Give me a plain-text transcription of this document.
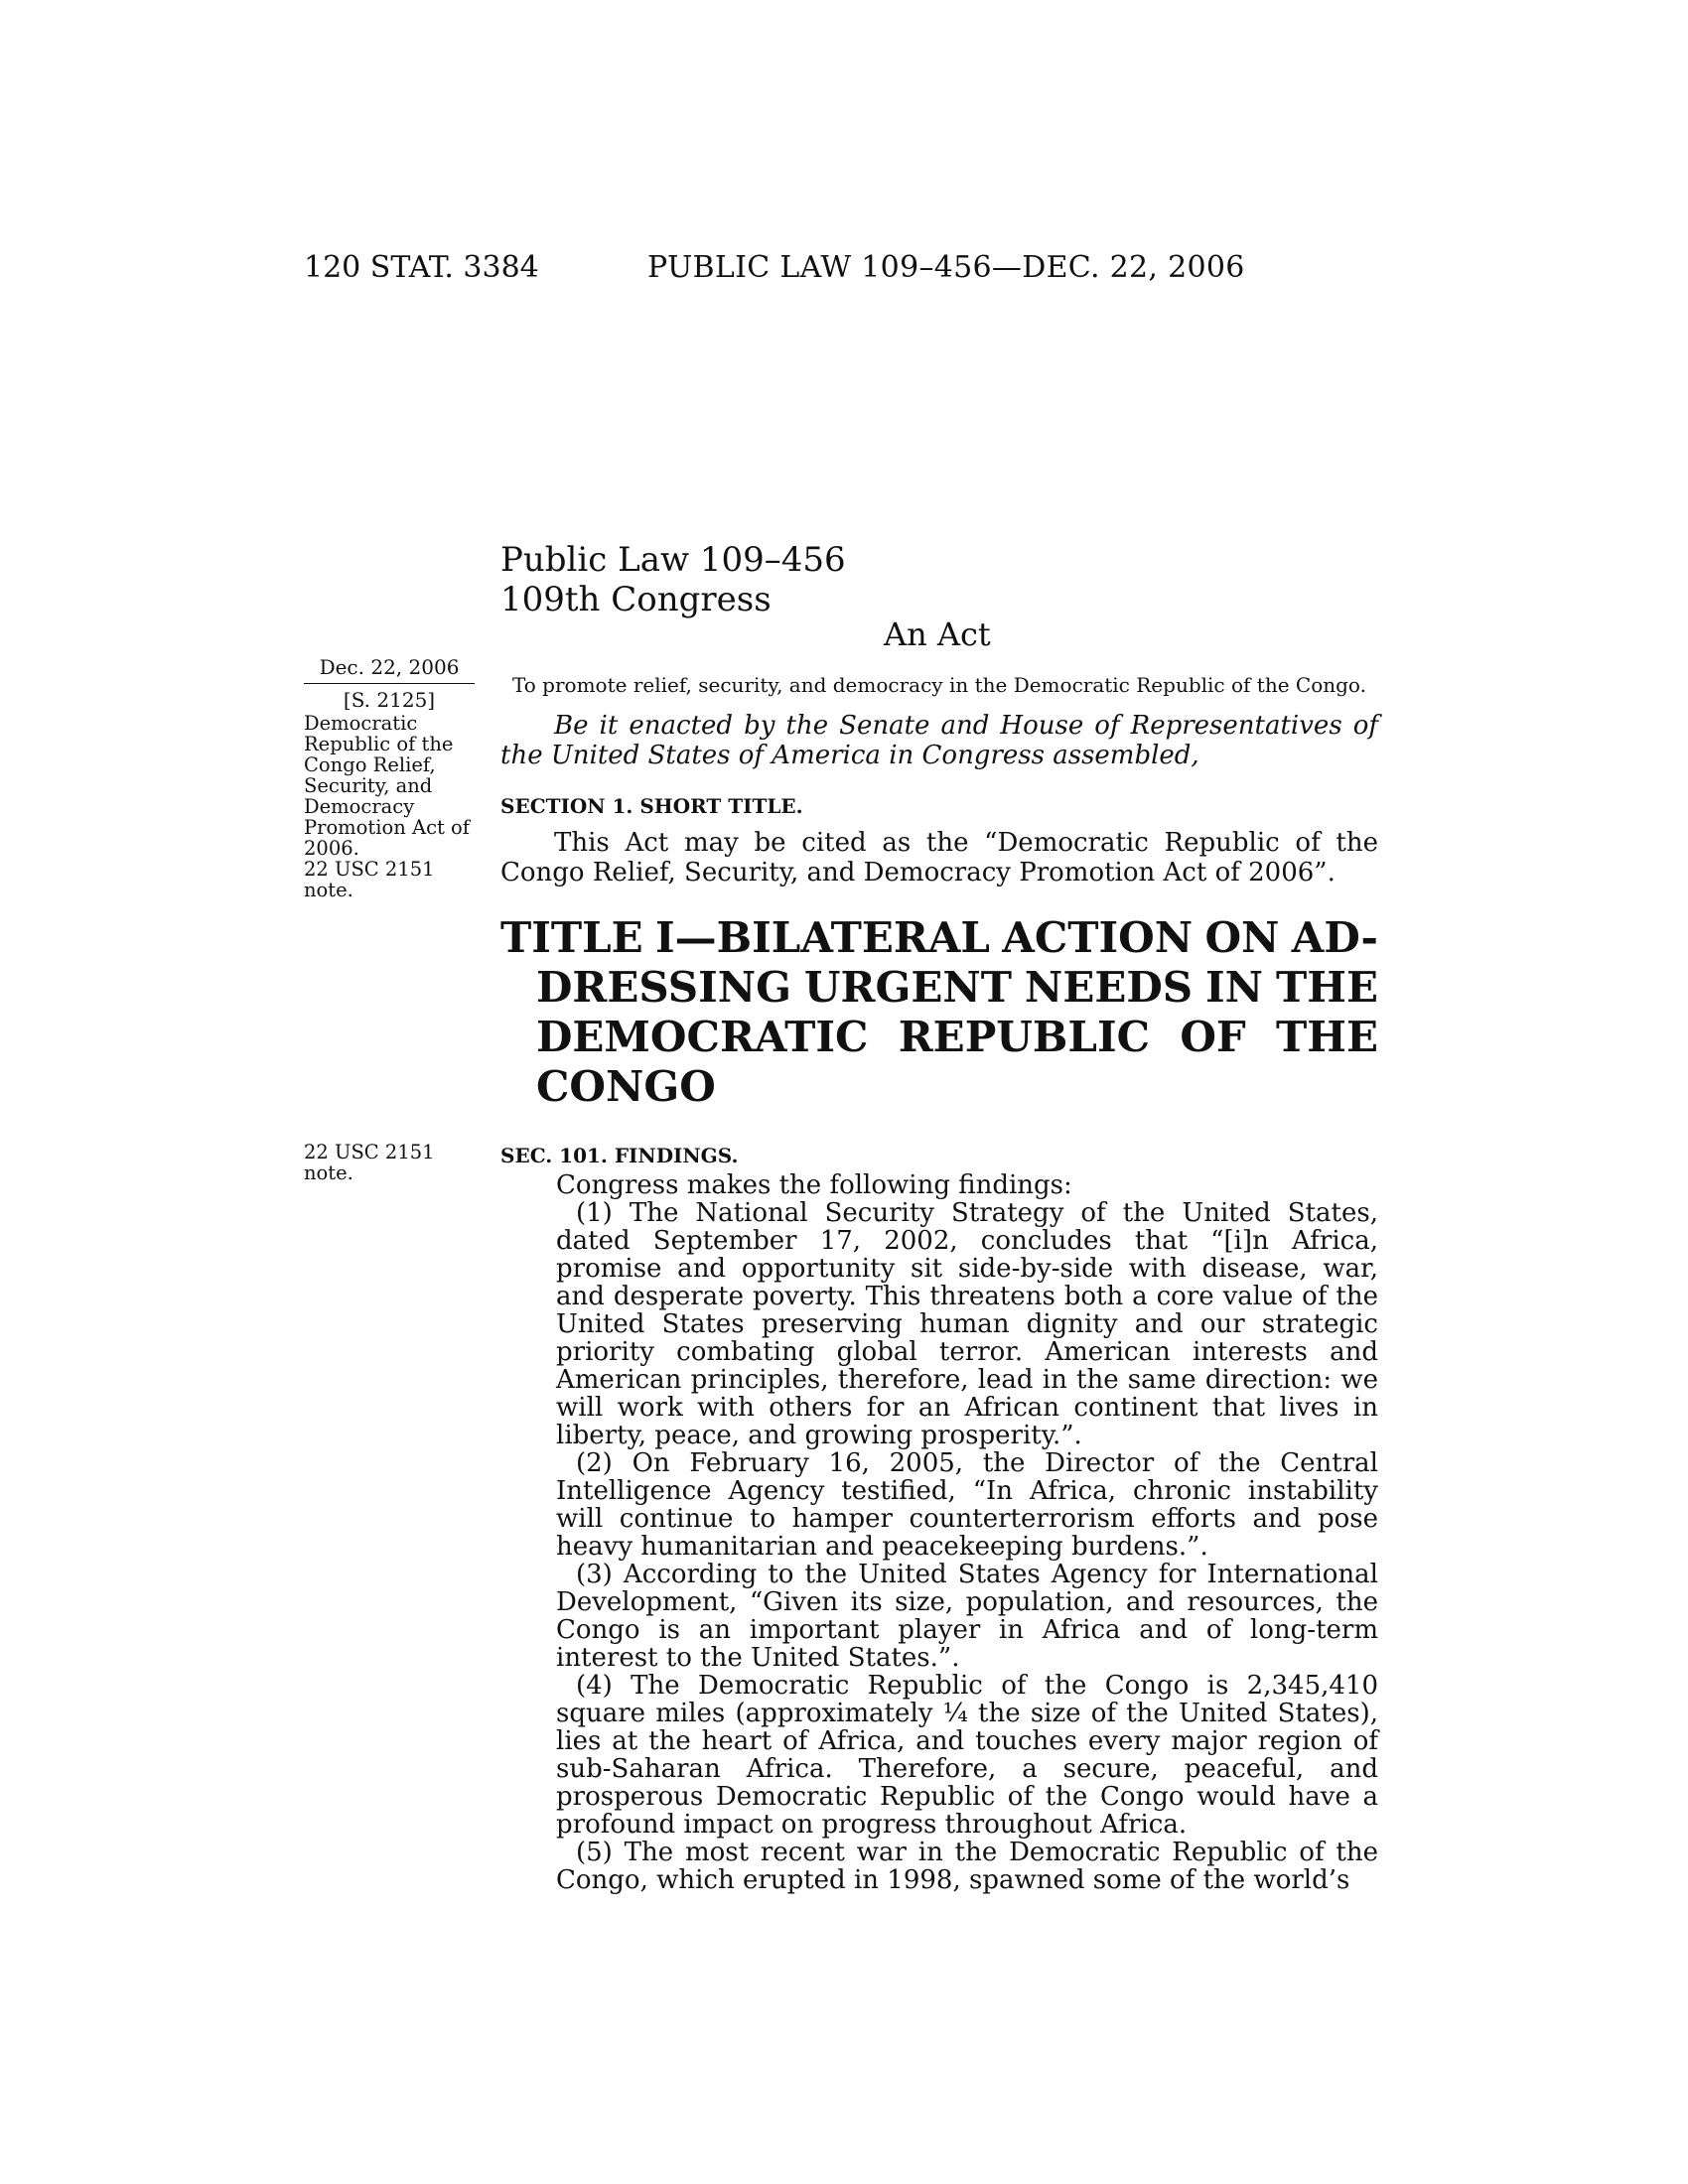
120 STAT. 3384	PUBLIC LAW 109–456—DEC. 22, 2006
Public Law 109–456
109th Congress
An Act
Dec. 22, 2006
[S. 2125]
To promote relief, security, and democracy in the Democratic Republic of the Congo.
Be it enacted by the Senate and House of Representatives of
the United States of America in Congress assembled,
Democratic
Republic of the
Congo Relief,
Security, and
Democracy
Promotion Act of
2006.
22 USC 2151
note.
SECTION 1. SHORT TITLE.
This Act may be cited as the “Democratic Republic of the
Congo Relief, Security, and Democracy Promotion Act of 2006”.
TITLE I—BILATERAL ACTION ON AD-
DRESSING URGENT NEEDS IN THE
DEMOCRATIC REPUBLIC OF THE
CONGO
22 USC 2151
note.
SEC. 101. FINDINGS.

Congress makes the following findings:

(1) The National Security Strategy of the United States, dated September 17, 2002, concludes that “[i]n Africa, promise and opportunity sit side-by-side with disease, war, and desperate poverty. This threatens both a core value of the United States preserving human dignity and our strategic priority combating global terror. American interests and American principles, therefore, lead in the same direction: we will work with others for an African continent that lives in liberty, peace, and growing prosperity.”.

(2) On February 16, 2005, the Director of the Central Intelligence Agency testified, “In Africa, chronic instability will continue to hamper counterterrorism efforts and pose heavy humanitarian and peacekeeping burdens.”.

(3) According to the United States Agency for International Development, “Given its size, population, and resources, the Congo is an important player in Africa and of long-term interest to the United States.”.

(4) The Democratic Republic of the Congo is 2,345,410 square miles (approximately ¼ the size of the United States), lies at the heart of Africa, and touches every major region of sub-Saharan Africa. Therefore, a secure, peaceful, and prosperous Democratic Republic of the Congo would have a profound impact on progress throughout Africa.

(5) The most recent war in the Democratic Republic of the Congo, which erupted in 1998, spawned some of the world’s
